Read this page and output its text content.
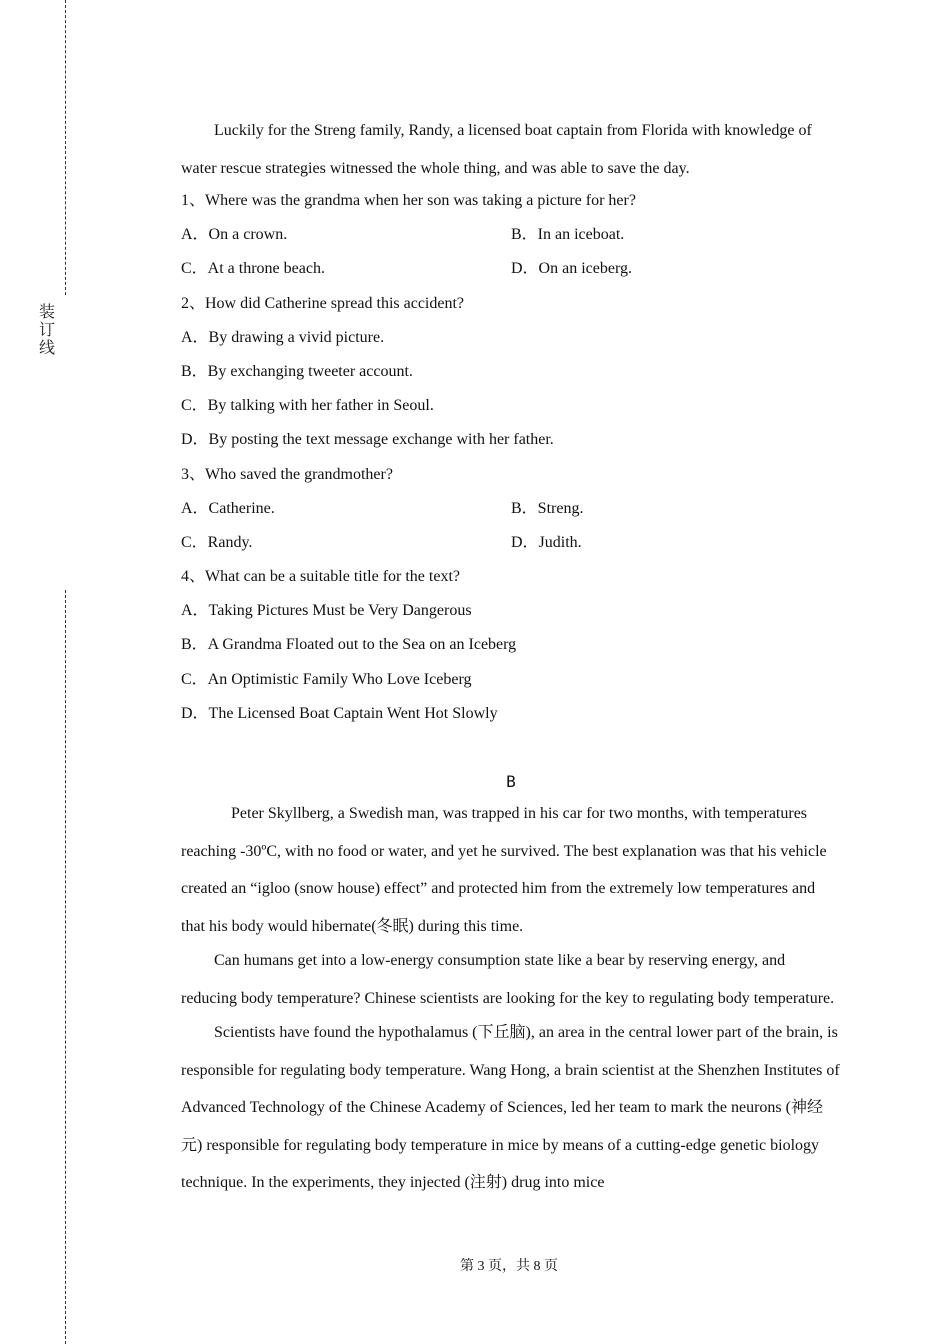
装
订
线

Luckily for the Streng family, Randy, a licensed boat captain from Florida with knowledge of water rescue strategies witnessed the whole thing, and was able to save the day.

1、Where was the grandma when her son was taking a picture for her?
A．On a crown.	B．In an iceboat.
C．At a throne beach.	D．On an iceberg.
2、How did Catherine spread this accident?
A．By drawing a vivid picture.
B．By exchanging tweeter account.
C．By talking with her father in Seoul.
D．By posting the text message exchange with her father.
3、Who saved the grandmother?
A．Catherine.	B．Streng.
C．Randy.	D．Judith.
4、What can be a suitable title for the text?
A．Taking Pictures Must be Very Dangerous
B．A Grandma Floated out to the Sea on an Iceberg
C．An Optimistic Family Who Love Iceberg
D．The Licensed Boat Captain Went Hot Slowly
B

Peter Skyllberg, a Swedish man, was trapped in his car for two months, with temperatures reaching -30ºC, with no food or water, and yet he survived. The best explanation was that his vehicle created an “igloo (snow house) effect” and protected him from the extremely low temperatures and that his body would hibernate(冬眠) during this time.

Can humans get into a low-energy consumption state like a bear by reserving energy, and reducing body temperature? Chinese scientists are looking for the key to regulating body temperature.

Scientists have found the hypothalamus (下丘脑), an area in the central lower part of the brain, is responsible for regulating body temperature. Wang Hong, a brain scientist at the Shenzhen Institutes of Advanced Technology of the Chinese Academy of Sciences, led her team to mark the neurons (神经元) responsible for regulating body temperature in mice by means of a cutting-edge genetic biology technique. In the experiments, they injected (注射) drug into mice

第 3 页，共 8 页
